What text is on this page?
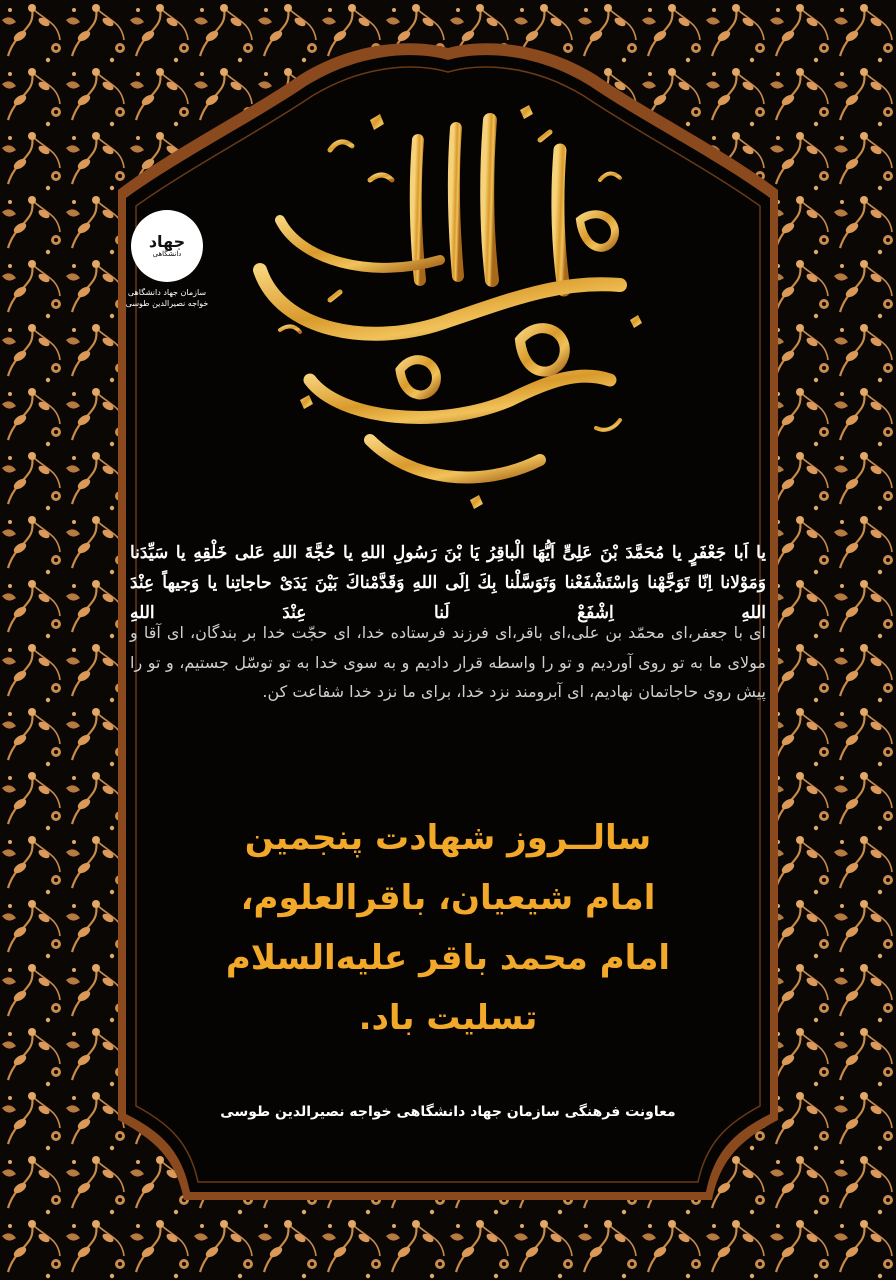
جهاد
دانشگاهی
سازمان جهاد دانشگاهی
خواجه نصیرالدین طوسی
يا اَبا جَعْفَرٍ يا مُحَمَّدَ بْنَ عَلِىٍّ اَيُّهَا الْباقِرُ يَا بْنَ رَسُولِ اللهِ يا حُجَّةَ اللهِ عَلى خَلْقِهِ يا سَيِّدَنا وَمَوْلانا اِنّا تَوَجَّهْنا وَاسْتَشْفَعْنا وَتَوَسَّلْنا بِكَ اِلَى اللهِ وَقَدَّمْناكَ بَيْنَ يَدَىْ حاجاتِنا يا وَجيهاً عِنْدَ اللهِ اِشْفَعْ لَنا عِنْدَ اللهِ
ای با جعفر،ای محمّد بن علی،ای باقر،ای فرزند فرستاده خدا، ای حجّت خدا بر بندگان، ای آقا و مولای ما به تو روی آوردیم و تو را واسطه قرار دادیم و به سوی خدا به تو توسّل جستیم، و تو را پیش روی حاجاتمان نهادیم، ای آبرومند نزد خدا، برای ما نزد خدا شفاعت کن.
سالــروز شهادت پنجمین
امام شیعیان، باقرالعلوم،
امام محمد باقر علیه‌السلام
تسلیت باد.
معاونت فرهنگی سازمان جهاد دانشگاهی خواجه نصیرالدین طوسی
